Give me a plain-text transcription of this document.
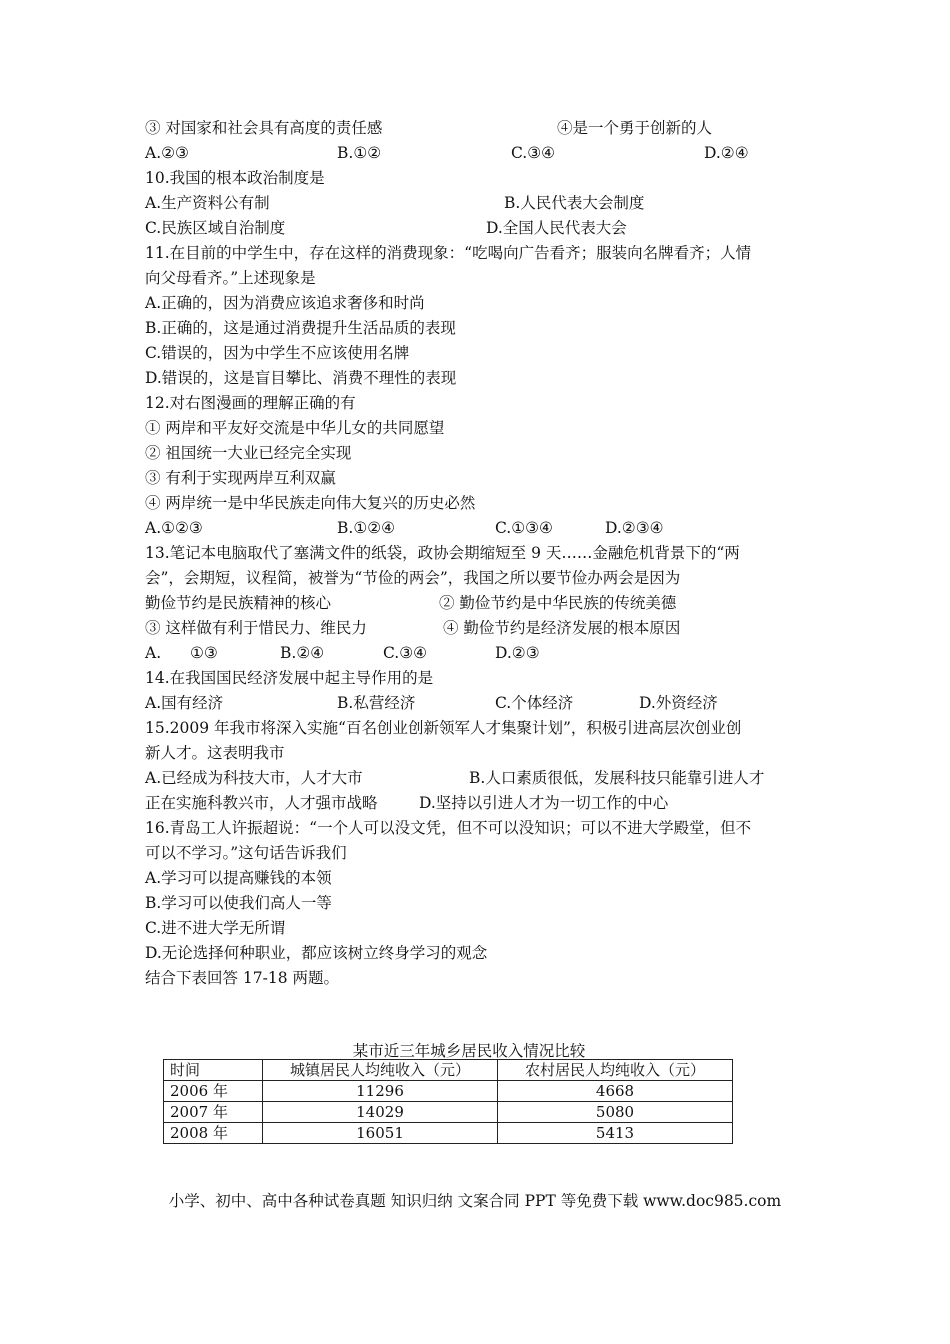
③ 对国家和社会具有高度的责任感	④是一个勇于创新的人
A.②③	B.①②	C.③④	D.②④
10.我国的根本政治制度是
A.生产资料公有制	B.人民代表大会制度
C.民族区域自治制度	D.全国人民代表大会
11.在目前的中学生中，存在这样的消费现象：“吃喝向广告看齐；服装向名牌看齐；人情
向父母看齐。”上述现象是
A.正确的，因为消费应该追求奢侈和时尚
B.正确的，这是通过消费提升生活品质的表现
C.错误的，因为中学生不应该使用名牌
D.错误的，这是盲目攀比、消费不理性的表现
12.对右图漫画的理解正确的有
① 两岸和平友好交流是中华儿女的共同愿望
② 祖国统一大业已经完全实现
③ 有利于实现两岸互利双赢
④ 两岸统一是中华民族走向伟大复兴的历史必然
A.①②③	B.①②④	C.①③④	D.②③④
13.笔记本电脑取代了塞满文件的纸袋，政协会期缩短至 9 天……金融危机背景下的“两
会”，会期短，议程简，被誉为“节俭的两会”，我国之所以要节俭办两会是因为
勤俭节约是民族精神的核心	② 勤俭节约是中华民族的传统美德
③ 这样做有利于惜民力、维民力	④ 勤俭节约是经济发展的根本原因
A. ①③	B.②④	C.③④	D.②③
14.在我国国民经济发展中起主导作用的是
A.国有经济	B.私营经济	C.个体经济	D.外资经济
15.2009 年我市将深入实施“百名创业创新领军人才集聚计划”，积极引进高层次创业创
新人才。这表明我市
A.已经成为科技大市，人才大市	B.人口素质很低，发展科技只能靠引进人才
正在实施科教兴市，人才强市战略	D.坚持以引进人才为一切工作的中心
16.青岛工人许振超说：“一个人可以没文凭，但不可以没知识；可以不进大学殿堂，但不
可以不学习。”这句话告诉我们
A.学习可以提高赚钱的本领
B.学习可以使我们高人一等
C.进不进大学无所谓
D.无论选择何种职业，都应该树立终身学习的观念
结合下表回答 17-18 两题。
某市近三年城乡居民收入情况比较
时间	城镇居民人均纯收入（元）	农村居民人均纯收入（元）
2006 年	11296	4668
2007 年	14029	5080
2008 年	16051	5413
小学、初中、高中各种试卷真题 知识归纳 文案合同 PPT 等免费下载 www.doc985.com
